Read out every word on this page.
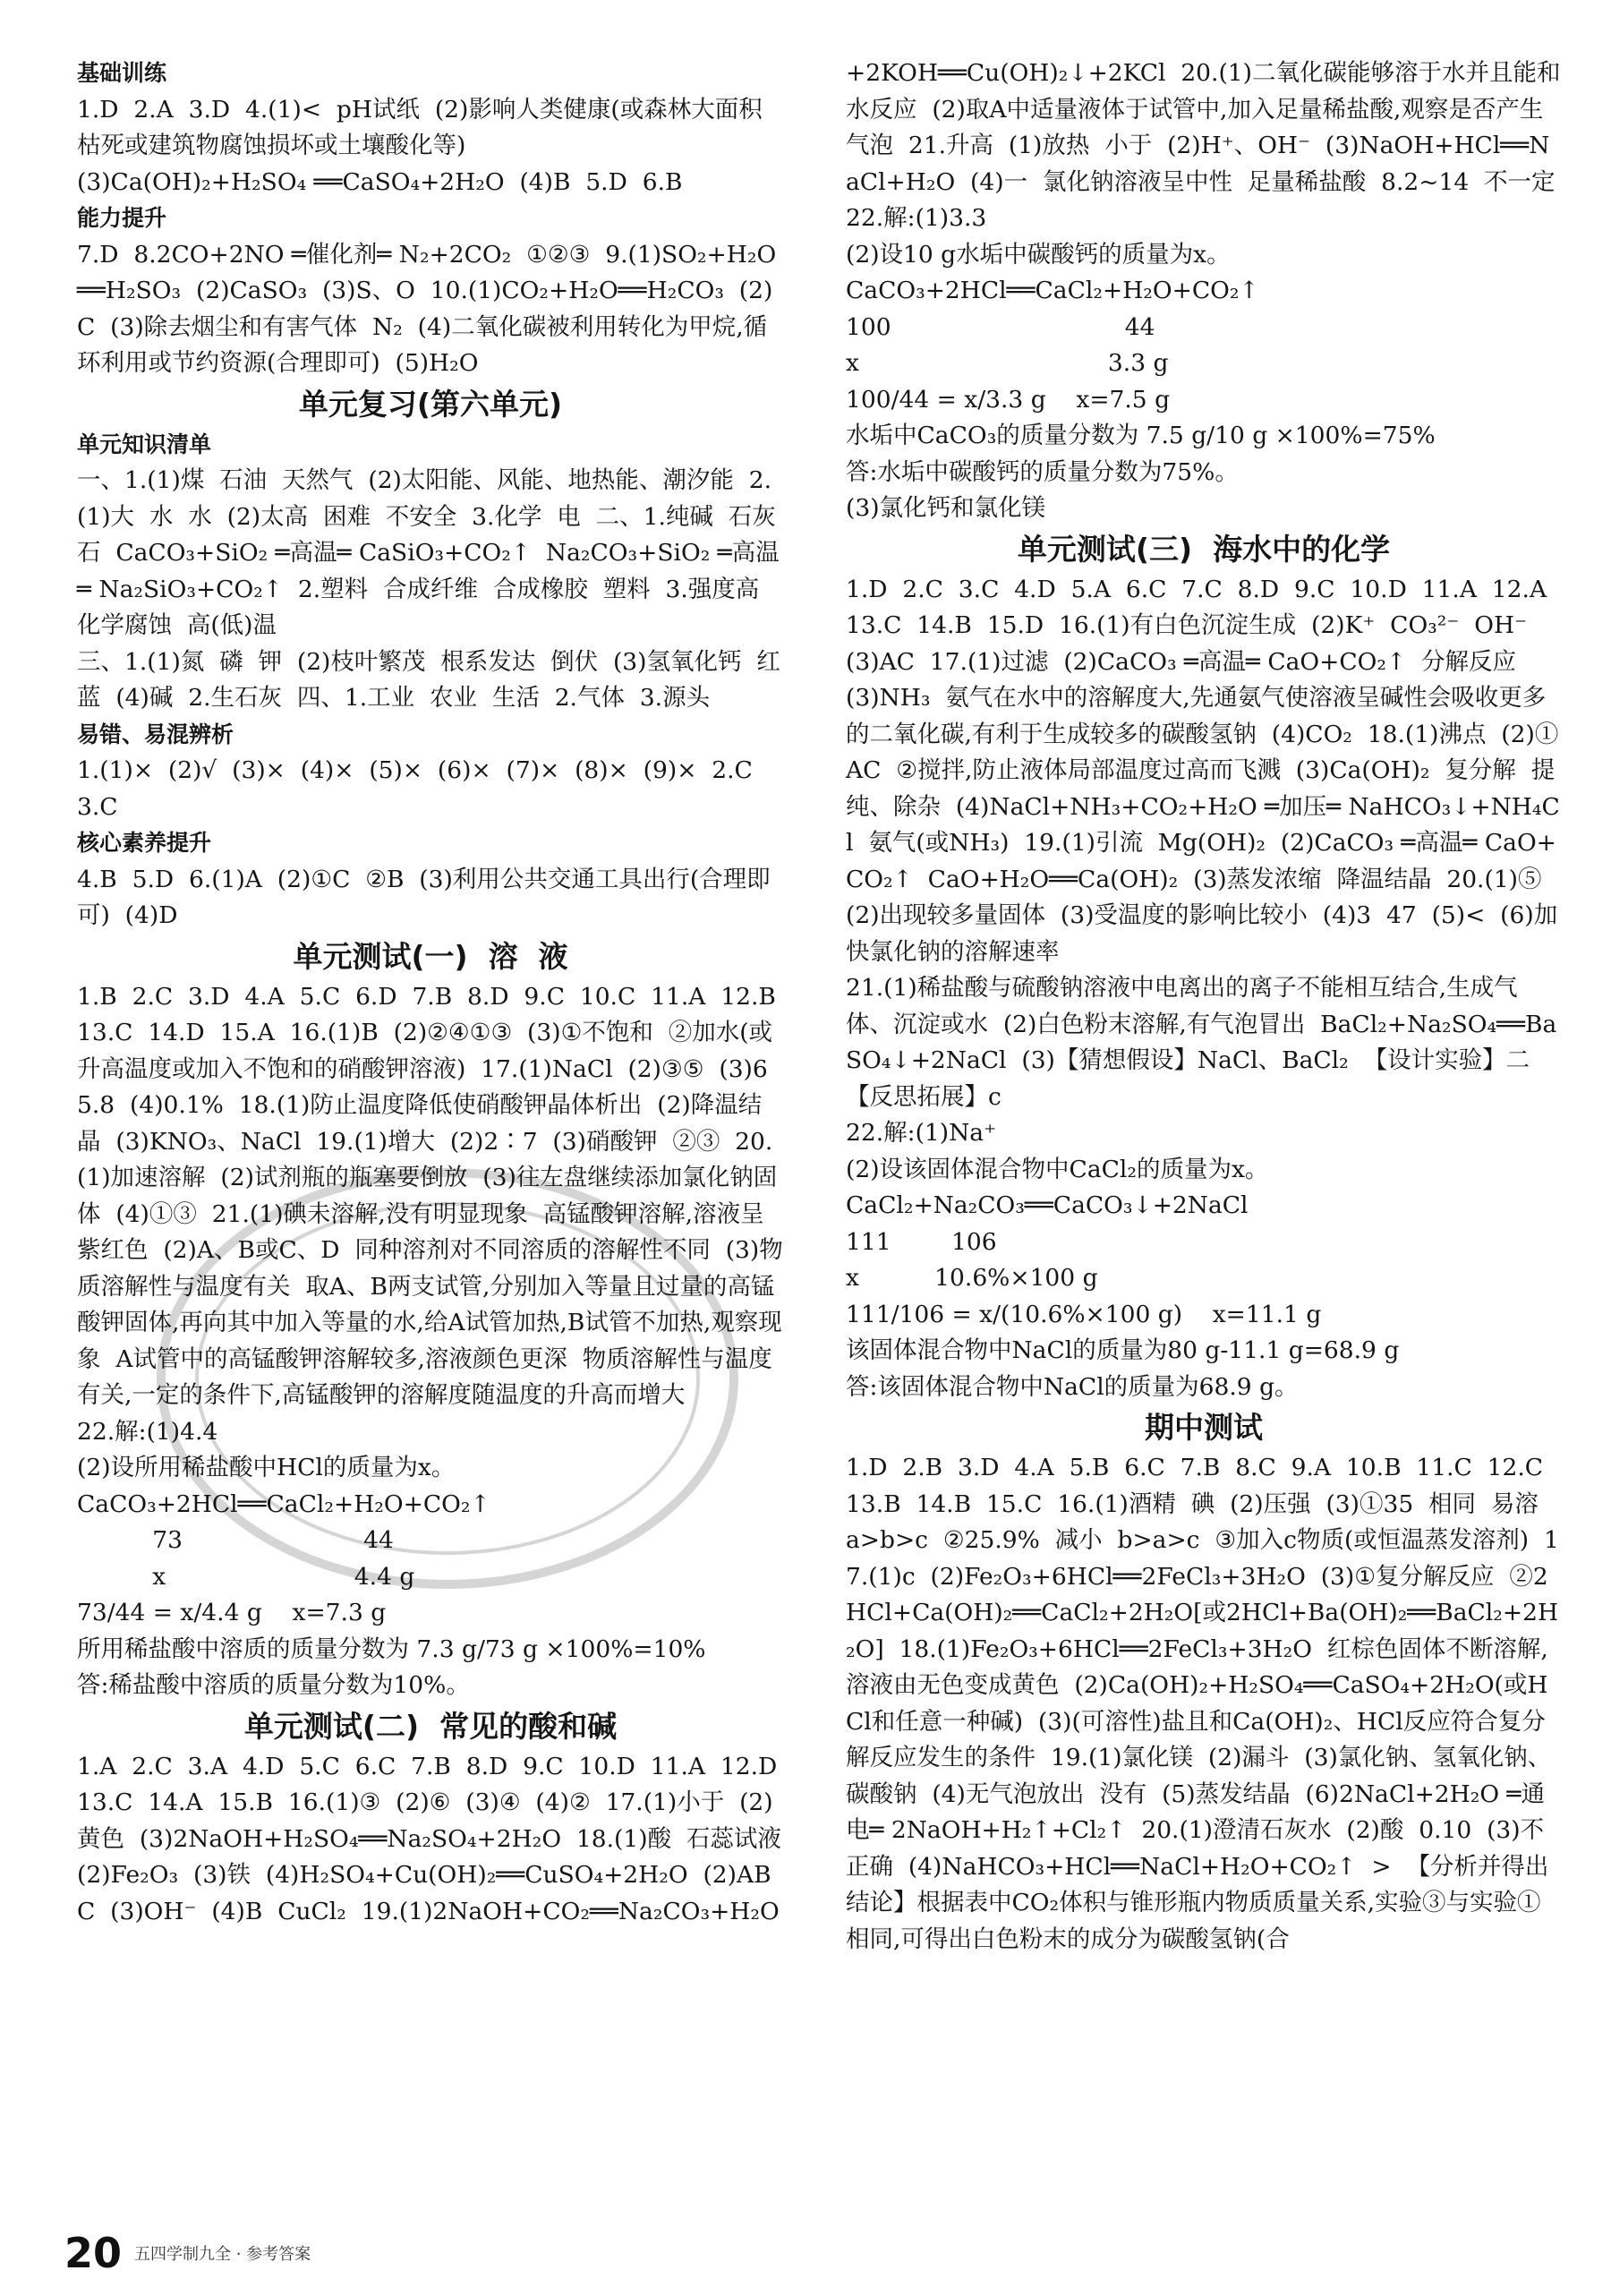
基础训练

1.D  2.A  3.D  4.(1)<  pH试纸  (2)影响人类健康(或森林大面积枯死或建筑物腐蚀损坏或土壤酸化等)

(3)Ca(OH)₂+H₂SO₄ ══CaSO₄+2H₂O  (4)B  5.D  6.B

能力提升

7.D  8.2CO+2NO ═催化剂═ N₂+2CO₂  ①②③  9.(1)SO₂+H₂O══H₂SO₃  (2)CaSO₃  (3)S、O  10.(1)CO₂+H₂O══H₂CO₃  (2)C  (3)除去烟尘和有害气体  N₂  (4)二氧化碳被利用转化为甲烷,循环利用或节约资源(合理即可)  (5)H₂O

单元复习(第六单元)

单元知识清单

一、1.(1)煤  石油  天然气  (2)太阳能、风能、地热能、潮汐能  2.(1)大  水  水  (2)太高  困难  不安全  3.化学  电  二、1.纯碱  石灰石  CaCO₃+SiO₂ ═高温═ CaSiO₃+CO₂↑  Na₂CO₃+SiO₂ ═高温═ Na₂SiO₃+CO₂↑  2.塑料  合成纤维  合成橡胶  塑料  3.强度高  化学腐蚀  高(低)温

三、1.(1)氮  磷  钾  (2)枝叶繁茂  根系发达  倒伏  (3)氢氧化钙  红  蓝  (4)碱  2.生石灰  四、1.工业  农业  生活  2.气体  3.源头

易错、易混辨析

1.(1)×  (2)√  (3)×  (4)×  (5)×  (6)×  (7)×  (8)×  (9)×  2.C  3.C

核心素养提升

4.B  5.D  6.(1)A  (2)①C  ②B  (3)利用公共交通工具出行(合理即可)  (4)D

单元测试(一)  溶  液

1.B  2.C  3.D  4.A  5.C  6.D  7.B  8.D  9.C  10.C  11.A  12.B  13.C  14.D  15.A  16.(1)B  (2)②④①③  (3)①不饱和  ②加水(或升高温度或加入不饱和的硝酸钾溶液)  17.(1)NaCl  (2)③⑤  (3)65.8  (4)0.1%  18.(1)防止温度降低使硝酸钾晶体析出  (2)降温结晶  (3)KNO₃、NaCl  19.(1)增大  (2)2∶7  (3)硝酸钾  ②③  20.(1)加速溶解  (2)试剂瓶的瓶塞要倒放  (3)往左盘继续添加氯化钠固体  (4)①③  21.(1)碘未溶解,没有明显现象  高锰酸钾溶解,溶液呈紫红色  (2)A、B或C、D  同种溶剂对不同溶质的溶解性不同  (3)物质溶解性与温度有关  取A、B两支试管,分别加入等量且过量的高锰酸钾固体,再向其中加入等量的水,给A试管加热,B试管不加热,观察现象  A试管中的高锰酸钾溶解较多,溶液颜色更深  物质溶解性与温度有关,一定的条件下,高锰酸钾的溶解度随温度的升高而增大

22.解:(1)4.4

(2)设所用稀盐酸中HCl的质量为x。

CaCO₃+2HCl══CaCl₂+H₂O+CO₂↑

73                        44

x                         4.4 g

73/44 = x/4.4 g    x=7.3 g

所用稀盐酸中溶质的质量分数为 7.3 g/73 g ×100%=10%

答:稀盐酸中溶质的质量分数为10%。

单元测试(二)  常见的酸和碱

1.A  2.C  3.A  4.D  5.C  6.C  7.B  8.D  9.C  10.D  11.A  12.D  13.C  14.A  15.B  16.(1)③  (2)⑥  (3)④  (4)②  17.(1)小于  (2)黄色  (3)2NaOH+H₂SO₄══Na₂SO₄+2H₂O  18.(1)酸  石蕊试液  (2)Fe₂O₃  (3)铁  (4)H₂SO₄+Cu(OH)₂══CuSO₄+2H₂O  (2)ABC  (3)OH⁻  (4)B  CuCl₂  19.(1)2NaOH+CO₂══Na₂CO₃+H₂O

+2KOH══Cu(OH)₂↓+2KCl  20.(1)二氧化碳能够溶于水并且能和水反应  (2)取A中适量液体于试管中,加入足量稀盐酸,观察是否产生气泡  21.升高  (1)放热  小于  (2)H⁺、OH⁻  (3)NaOH+HCl══NaCl+H₂O  (4)一  氯化钠溶液呈中性  足量稀盐酸  8.2~14  不一定

22.解:(1)3.3

(2)设10 g水垢中碳酸钙的质量为x。

CaCO₃+2HCl══CaCl₂+H₂O+CO₂↑

100                               44

x                                 3.3 g

100/44 = x/3.3 g    x=7.5 g

水垢中CaCO₃的质量分数为 7.5 g/10 g ×100%=75%

答:水垢中碳酸钙的质量分数为75%。

(3)氯化钙和氯化镁

单元测试(三)  海水中的化学

1.D  2.C  3.C  4.D  5.A  6.C  7.C  8.D  9.C  10.D  11.A  12.A  13.C  14.B  15.D  16.(1)有白色沉淀生成  (2)K⁺  CO₃²⁻  OH⁻  (3)AC  17.(1)过滤  (2)CaCO₃ ═高温═ CaO+CO₂↑  分解反应  (3)NH₃  氨气在水中的溶解度大,先通氨气使溶液呈碱性会吸收更多的二氧化碳,有利于生成较多的碳酸氢钠  (4)CO₂  18.(1)沸点  (2)①AC  ②搅拌,防止液体局部温度过高而飞溅  (3)Ca(OH)₂  复分解  提纯、除杂  (4)NaCl+NH₃+CO₂+H₂O ═加压═ NaHCO₃↓+NH₄Cl  氨气(或NH₃)  19.(1)引流  Mg(OH)₂  (2)CaCO₃ ═高温═ CaO+CO₂↑  CaO+H₂O══Ca(OH)₂  (3)蒸发浓缩  降温结晶  20.(1)⑤  (2)出现较多量固体  (3)受温度的影响比较小  (4)3  47  (5)<  (6)加快氯化钠的溶解速率

21.(1)稀盐酸与硫酸钠溶液中电离出的离子不能相互结合,生成气体、沉淀或水  (2)白色粉末溶解,有气泡冒出  BaCl₂+Na₂SO₄══BaSO₄↓+2NaCl  (3)【猜想假设】NaCl、BaCl₂  【设计实验】二  【反思拓展】c

22.解:(1)Na⁺

(2)设该固体混合物中CaCl₂的质量为x。

CaCl₂+Na₂CO₃══CaCO₃↓+2NaCl

111        106

x          10.6%×100 g

111/106 = x/(10.6%×100 g)    x=11.1 g

该固体混合物中NaCl的质量为80 g-11.1 g=68.9 g

答:该固体混合物中NaCl的质量为68.9 g。

期中测试

1.D  2.B  3.D  4.A  5.B  6.C  7.B  8.C  9.A  10.B  11.C  12.C  13.B  14.B  15.C  16.(1)酒精  碘  (2)压强  (3)①35  相同  易溶  a>b>c  ②25.9%  减小  b>a>c  ③加入c物质(或恒温蒸发溶剂)  17.(1)c  (2)Fe₂O₃+6HCl══2FeCl₃+3H₂O  (3)①复分解反应  ②2HCl+Ca(OH)₂══CaCl₂+2H₂O[或2HCl+Ba(OH)₂══BaCl₂+2H₂O]  18.(1)Fe₂O₃+6HCl══2FeCl₃+3H₂O  红棕色固体不断溶解,溶液由无色变成黄色  (2)Ca(OH)₂+H₂SO₄══CaSO₄+2H₂O(或HCl和任意一种碱)  (3)(可溶性)盐且和Ca(OH)₂、HCl反应符合复分解反应发生的条件  19.(1)氯化镁  (2)漏斗  (3)氯化钠、氢氧化钠、碳酸钠  (4)无气泡放出  没有  (5)蒸发结晶  (6)2NaCl+2H₂O ═通电═ 2NaOH+H₂↑+Cl₂↑  20.(1)澄清石灰水  (2)酸  0.10  (3)不正确  (4)NaHCO₃+HCl══NaCl+H₂O+CO₂↑  >  【分析并得出结论】根据表中CO₂体积与锥形瓶内物质质量关系,实验③与实验①相同,可得出白色粉末的成分为碳酸氢钠(合

20 五四学制九全 · 参考答案
